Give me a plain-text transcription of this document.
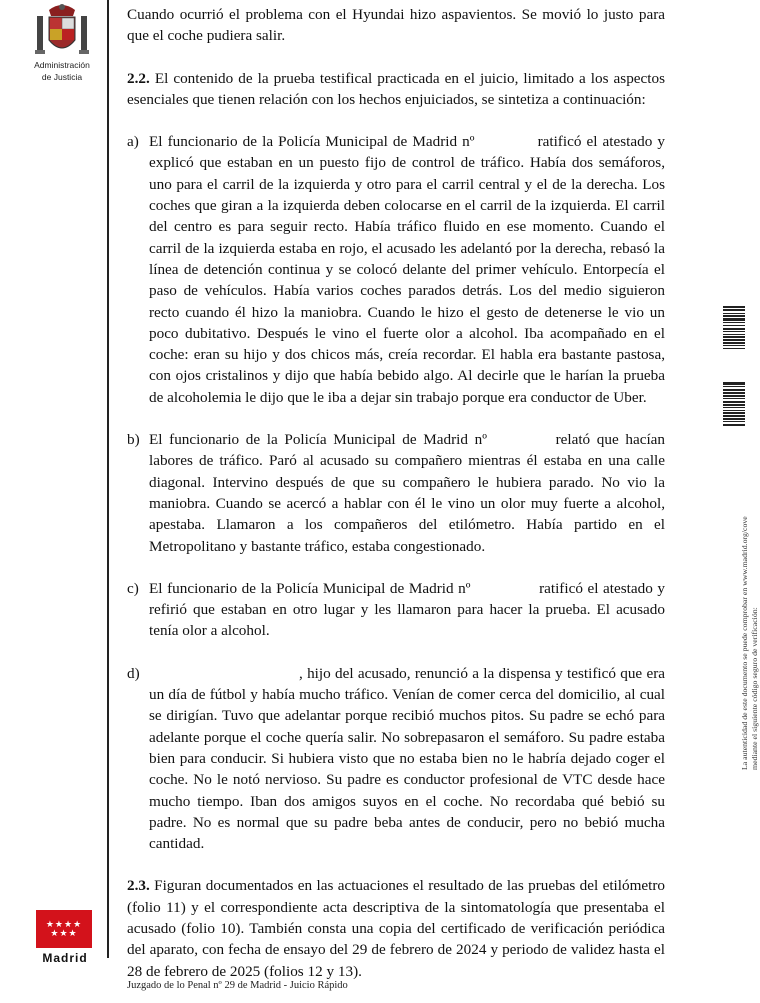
Administración
de Justicia

Cuando ocurrió el problema con el Hyundai hizo aspavientos. Se movió lo justo para que el coche pudiera salir.

2.2. El contenido de la prueba testifical practicada en el juicio, limitado a los aspectos esenciales que tienen relación con los hechos enjuiciados, se sintetiza a continuación:

a) El funcionario de la Policía Municipal de Madrid nº	ratificó el atestado y explicó que estaban en un puesto fijo de control de tráfico. Había dos semáforos, uno para el carril de la izquierda y otro para el carril central y el de la derecha. Los coches que giran a la izquierda deben colocarse en el carril de la izquierda. El carril del centro es para seguir recto. Había tráfico fluido en ese momento. Cuando el carril de la izquierda estaba en rojo, el acusado les adelantó por la derecha, rebasó la línea de detención continua y se colocó delante del primer vehículo. Entorpecía el paso de vehículos. Había varios coches parados detrás. Los del medio siguieron recto cuando él hizo la maniobra. Cuando le hizo el gesto de detenerse le vio un poco dubitativo. Después le vino el fuerte olor a alcohol. Iba acompañado en el coche: eran su hijo y dos chicos más, creía recordar. El habla era bastante pastosa, con ojos cristalinos y dijo que había bebido algo. Al decirle que le harían la prueba de alcoholemia le dijo que le iba a dejar sin trabajo porque era conductor de Uber.

b) El funcionario de la Policía Municipal de Madrid nº	relató que hacían labores de tráfico. Paró al acusado su compañero mientras él estaba en una calle diagonal. Intervino después de que su compañero le hubiera parado. No vio la maniobra. Cuando se acercó a hablar con él le vino un olor muy fuerte a alcohol, apestaba. Llamaron a los compañeros del etilómetro. Había partido en el Metropolitano y bastante tráfico, estaba congestionado.

c) El funcionario de la Policía Municipal de Madrid nº	ratificó el atestado y refirió que estaban en otro lugar y les llamaron para hacer la prueba. El acusado tenía olor a alcohol.

d)	, hijo del acusado, renunció a la dispensa y testificó que era un día de fútbol y había mucho tráfico. Venían de comer cerca del domicilio, al cual se dirigían. Tuvo que adelantar porque recibió muchos pitos. Su padre se echó para adelante porque el coche quería salir. No sobrepasaron el semáforo. Su padre estaba bien para conducir. Si hubiera visto que no estaba bien no le habría dejado coger el coche. No le notó nervioso. Su padre es conductor profesional de VTC desde hace mucho tiempo. Iban dos amigos suyos en el coche. No recordaba qué bebió su padre. No es normal que su padre beba antes de conducir, pero no bebió mucha cantidad.

2.3. Figuran documentados en las actuaciones el resultado de las pruebas del etilómetro (folio 11) y el correspondiente acta descriptiva de la sintomatología que presentaba el acusado (folio 10). También consta una copia del certificado de verificación periódica del aparato, con fecha de ensayo del 29 de febrero de 2024 y periodo de validez hasta el 28 de febrero de 2025 (folios 12 y 13).

★★★★ ★★★
Madrid
Juzgado de lo Penal nº 29 de Madrid - Juicio Rápido
La autenticidad de este documento se puede comprobar en www.madrid.org/cove mediante el siguiente código seguro de verificación:
